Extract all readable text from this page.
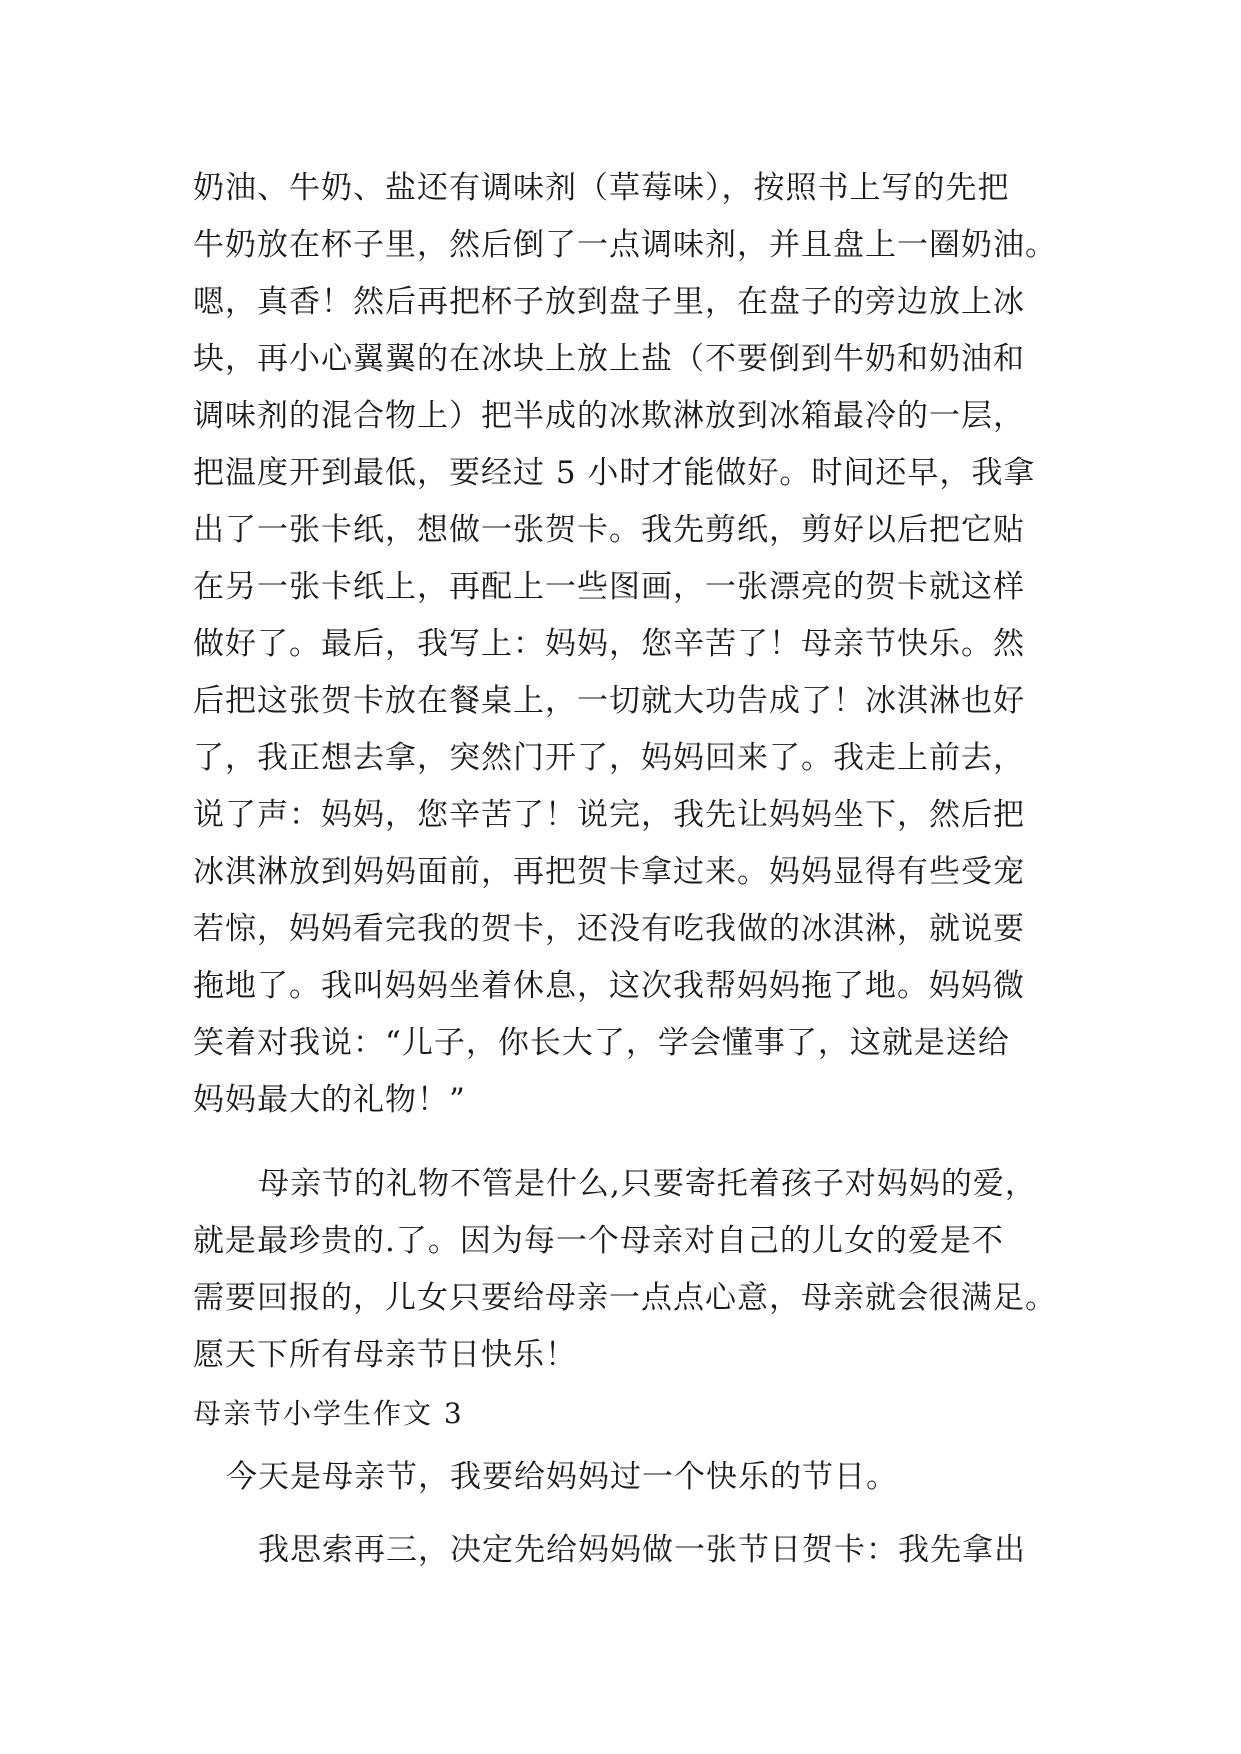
奶油、牛奶、盐还有调味剂（草莓味），按照书上写的先把
牛奶放在杯子里，然后倒了一点调味剂，并且盘上一圈奶油。
嗯，真香！然后再把杯子放到盘子里，在盘子的旁边放上冰
块，再小心翼翼的在冰块上放上盐（不要倒到牛奶和奶油和
调味剂的混合物上）把半成的冰欺淋放到冰箱最冷的一层，
把温度开到最低，要经过 5 小时才能做好。时间还早，我拿
出了一张卡纸，想做一张贺卡。我先剪纸，剪好以后把它贴
在另一张卡纸上，再配上一些图画，一张漂亮的贺卡就这样
做好了。最后，我写上：妈妈，您辛苦了！母亲节快乐。然
后把这张贺卡放在餐桌上，一切就大功告成了！冰淇淋也好
了，我正想去拿，突然门开了，妈妈回来了。我走上前去，
说了声：妈妈，您辛苦了！说完，我先让妈妈坐下，然后把
冰淇淋放到妈妈面前，再把贺卡拿过来。妈妈显得有些受宠
若惊，妈妈看完我的贺卡，还没有吃我做的冰淇淋，就说要
拖地了。我叫妈妈坐着休息，这次我帮妈妈拖了地。妈妈微
笑着对我说：“儿子，你长大了，学会懂事了，这就是送给
妈妈最大的礼物！”
母亲节的礼物不管是什么,只要寄托着孩子对妈妈的爱，
就是最珍贵的.了。因为每一个母亲对自己的儿女的爱是不
需要回报的，儿女只要给母亲一点点心意，母亲就会很满足。
愿天下所有母亲节日快乐！
母亲节小学生作文 3
今天是母亲节，我要给妈妈过一个快乐的节日。
我思索再三，决定先给妈妈做一张节日贺卡：我先拿出
